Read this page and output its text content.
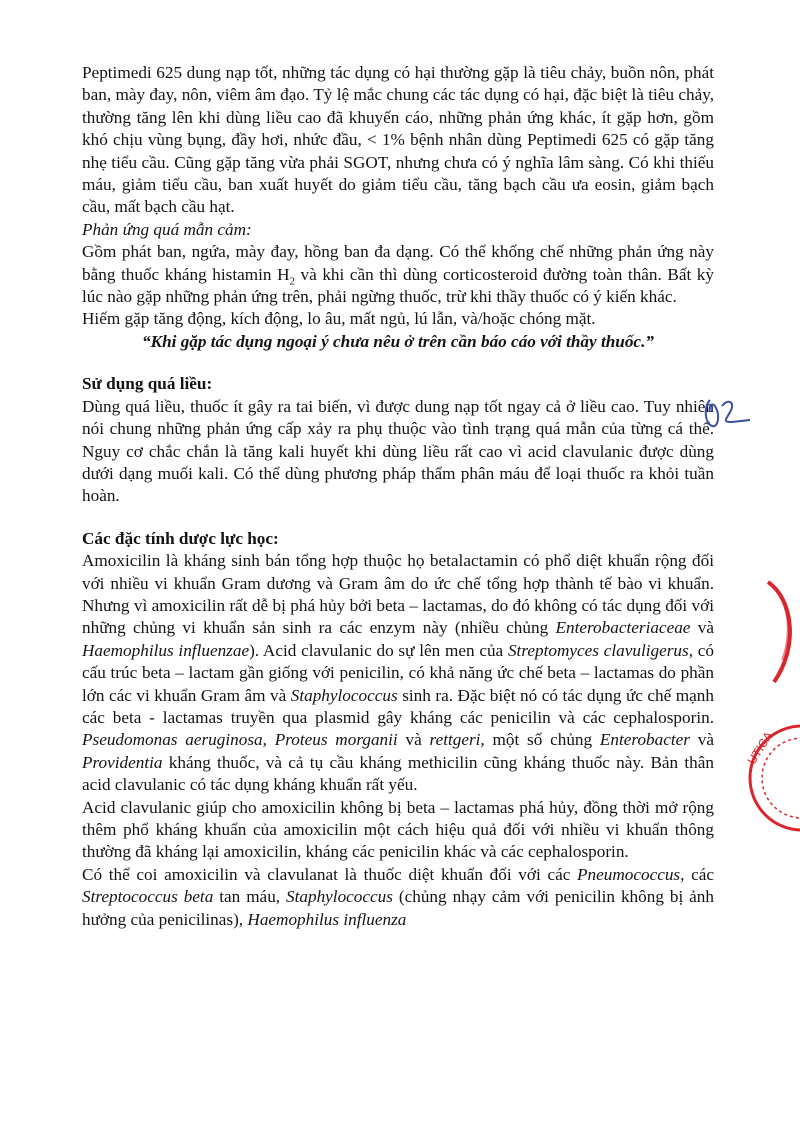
Peptimedi 625 dung nạp tốt, những tác dụng có hại thường gặp là tiêu chảy, buồn nôn, phát ban, mày đay, nôn, viêm âm đạo. Tỷ lệ mắc chung các tác dụng có hại, đặc biệt là tiêu chảy, thường tăng lên khi dùng liều cao đã khuyến cáo, những phản ứng khác, ít gặp hơn, gồm khó chịu vùng bụng, đầy hơi, nhức đầu, < 1% bệnh nhân dùng Peptimedi 625 có gặp tăng nhẹ tiểu cầu. Cũng gặp tăng vừa phải SGOT, nhưng chưa có ý nghĩa lâm sàng. Có khi thiếu máu, giảm tiểu cầu, ban xuất huyết do giảm tiểu cầu, tăng bạch cầu ưa eosin, giảm bạch cầu, mất bạch cầu hạt.

Phản ứng quá mẫn cảm:

Gồm phát ban, ngứa, mày đay, hồng ban đa dạng. Có thể khống chế những phản ứng này bằng thuốc kháng histamin $H_2$ và khi cần thì dùng corticosteroid đường toàn thân. Bất kỳ lúc nào gặp những phản ứng trên, phải ngừng thuốc, trừ khi thầy thuốc có ý kiến khác.

Hiếm gặp tăng động, kích động, lo âu, mất ngủ, lú lẫn, và/hoặc chóng mặt.

“Khi gặp tác dụng ngoại ý chưa nêu ở trên cần báo cáo với thầy thuốc.”

Sử dụng quá liều:

Dùng quá liều, thuốc ít gây ra tai biến, vì được dung nạp tốt ngay cả ở liều cao. Tuy nhiên nói chung những phản ứng cấp xảy ra phụ thuộc vào tình trạng quá mẫn của từng cá thể. Nguy cơ chắc chắn là tăng kali huyết khi dùng liều rất cao vì acid clavulanic được dùng dưới dạng muối kali. Có thể dùng phương pháp thẩm phân máu để loại thuốc ra khỏi tuần hoàn.

Các đặc tính dược lực học:

Amoxicilin là kháng sinh bán tổng hợp thuộc họ betalactamin có phổ diệt khuẩn rộng đối với nhiều vi khuẩn Gram dương và Gram âm do ức chế tổng hợp thành tế bào vi khuẩn. Nhưng vì amoxicilin rất dễ bị phá hủy bởi beta – lactamas, do đó không có tác dụng đối với những chủng vi khuẩn sản sinh ra các enzym này (nhiều chủng Enterobacteriaceae và Haemophilus influenzae). Acid clavulanic do sự lên men của Streptomyces clavuligerus, có cấu trúc beta – lactam gần giống với penicilin, có khả năng ức chế beta – lactamas do phần lớn các vi khuẩn Gram âm và Staphylococcus sinh ra. Đặc biệt nó có tác dụng ức chế mạnh các beta - lactamas truyền qua plasmid gây kháng các penicilin và các cephalosporin. Pseudomonas aeruginosa, Proteus morganii và rettgeri, một số chủng Enterobacter và Providentia kháng thuốc, và cả tụ cầu kháng methicilin cũng kháng thuốc này. Bản thân acid clavulanic có tác dụng kháng khuẩn rất yếu.

Acid clavulanic giúp cho amoxicilin không bị beta – lactamas phá hủy, đồng thời mở rộng thêm phổ kháng khuẩn của amoxicilin một cách hiệu quả đối với nhiều vi khuẩn thông thường đã kháng lại amoxicilin, kháng các penicilin khác và các cephalosporin.

Có thể coi amoxicilin và clavulanat là thuốc diệt khuẩn đối với các Pneumococcus, các Streptococcus beta tan máu, Staphylococcus (chủng nhạy cảm với penicilin không bị ảnh hưởng của penicilinas), Haemophilus influenza

UTICA
